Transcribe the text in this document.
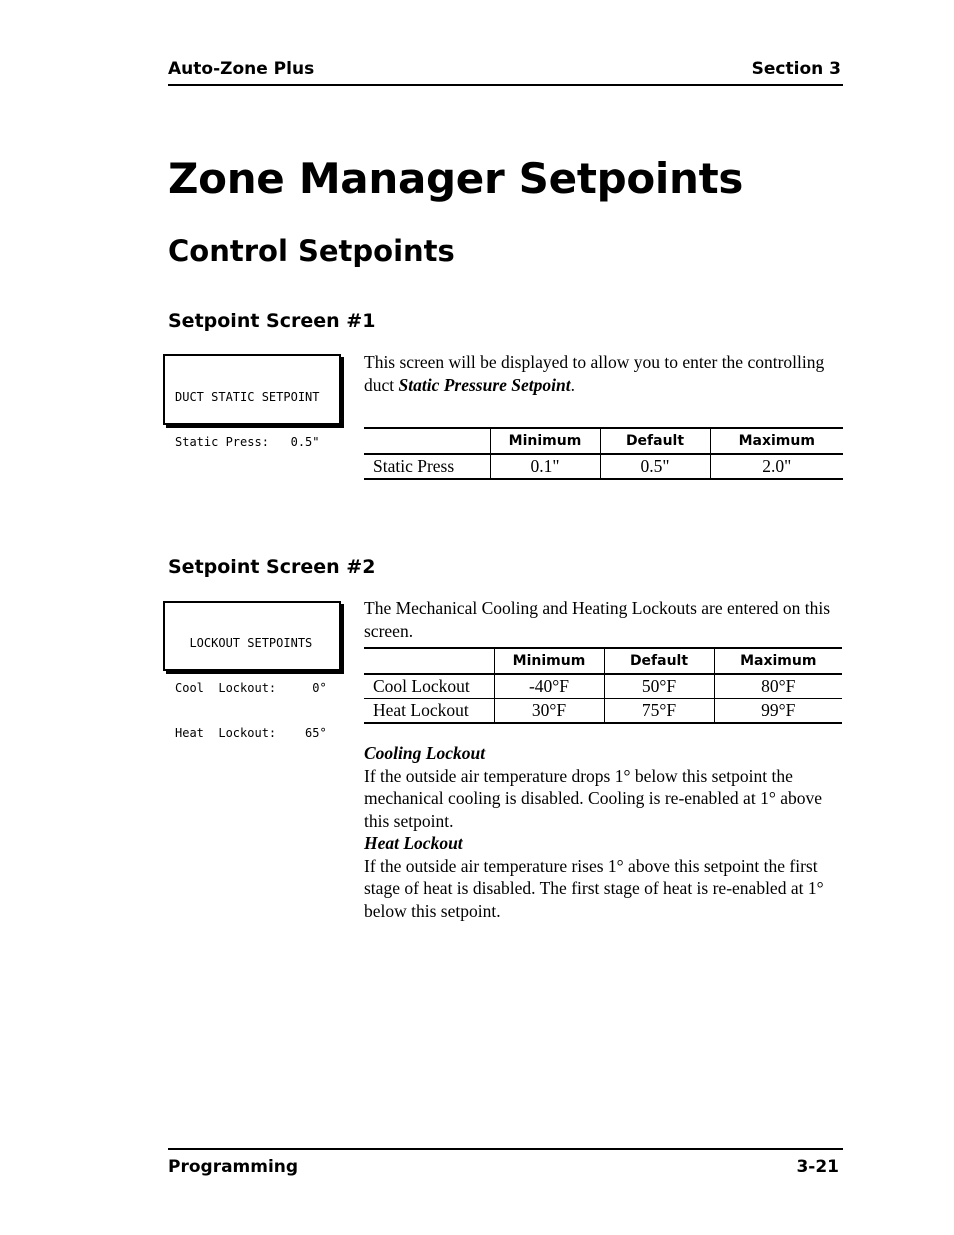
Auto-Zone Plus	Section 3
Zone Manager Setpoints
Control Setpoints
Setpoint Screen #1

DUCT STATIC SETPOINT

Static Press:   0.5"

This screen will be displayed to allow you to enter the controlling duct Static Pressure Setpoint.
	Minimum	Default	Maximum
Static Press	0.1"	0.5"	2.0"
Setpoint Screen #2

LOCKOUT SETPOINTS

Cool  Lockout:     0°

Heat  Lockout:    65°

The Mechanical Cooling and Heating Lockouts are entered on this screen.
	Minimum	Default	Maximum
Cool Lockout	-40°F	50°F	80°F
Heat Lockout	30°F	75°F	99°F
Cooling Lockout
If the outside air temperature drops 1° below this setpoint the mechanical cooling is disabled. Cooling is re-enabled at 1° above this setpoint.
Heat Lockout
If the outside air temperature rises 1° above this setpoint the first stage of heat is disabled. The first stage of heat is re-enabled at 1° below this setpoint.
Programming	3-21
